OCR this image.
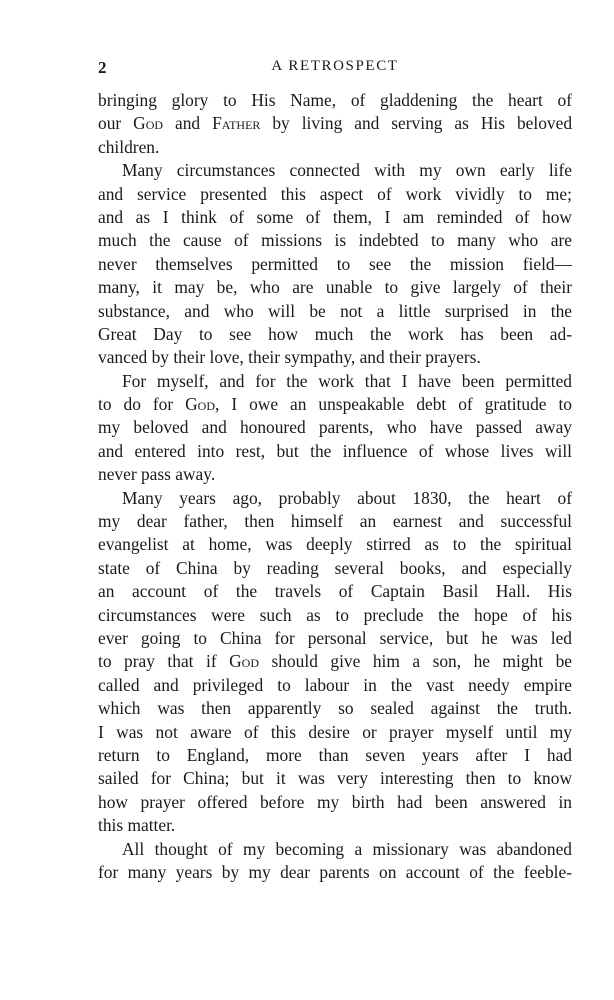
2	A RETROSPECT
bringing glory to His Name, of gladdening the heart of
our God and Father by living and serving as His beloved
children.
Many circumstances connected with my own early life
and service presented this aspect of work vividly to me;
and as I think of some of them, I am reminded of how
much the cause of missions is indebted to many who are
never themselves permitted to see the mission field—
many, it may be, who are unable to give largely of their
substance, and who will be not a little surprised in the
Great Day to see how much the work has been ad-
vanced by their love, their sympathy, and their prayers.
For myself, and for the work that I have been permitted
to do for God, I owe an unspeakable debt of gratitude to
my beloved and honoured parents, who have passed away
and entered into rest, but the influence of whose lives will
never pass away.
Many years ago, probably about 1830, the heart of
my dear father, then himself an earnest and successful
evangelist at home, was deeply stirred as to the spiritual
state of China by reading several books, and especially
an account of the travels of Captain Basil Hall. His
circumstances were such as to preclude the hope of his
ever going to China for personal service, but he was led
to pray that if God should give him a son, he might be
called and privileged to labour in the vast needy empire
which was then apparently so sealed against the truth.
I was not aware of this desire or prayer myself until my
return to England, more than seven years after I had
sailed for China; but it was very interesting then to know
how prayer offered before my birth had been answered in
this matter.
All thought of my becoming a missionary was abandoned
for many years by my dear parents on account of the feeble-
